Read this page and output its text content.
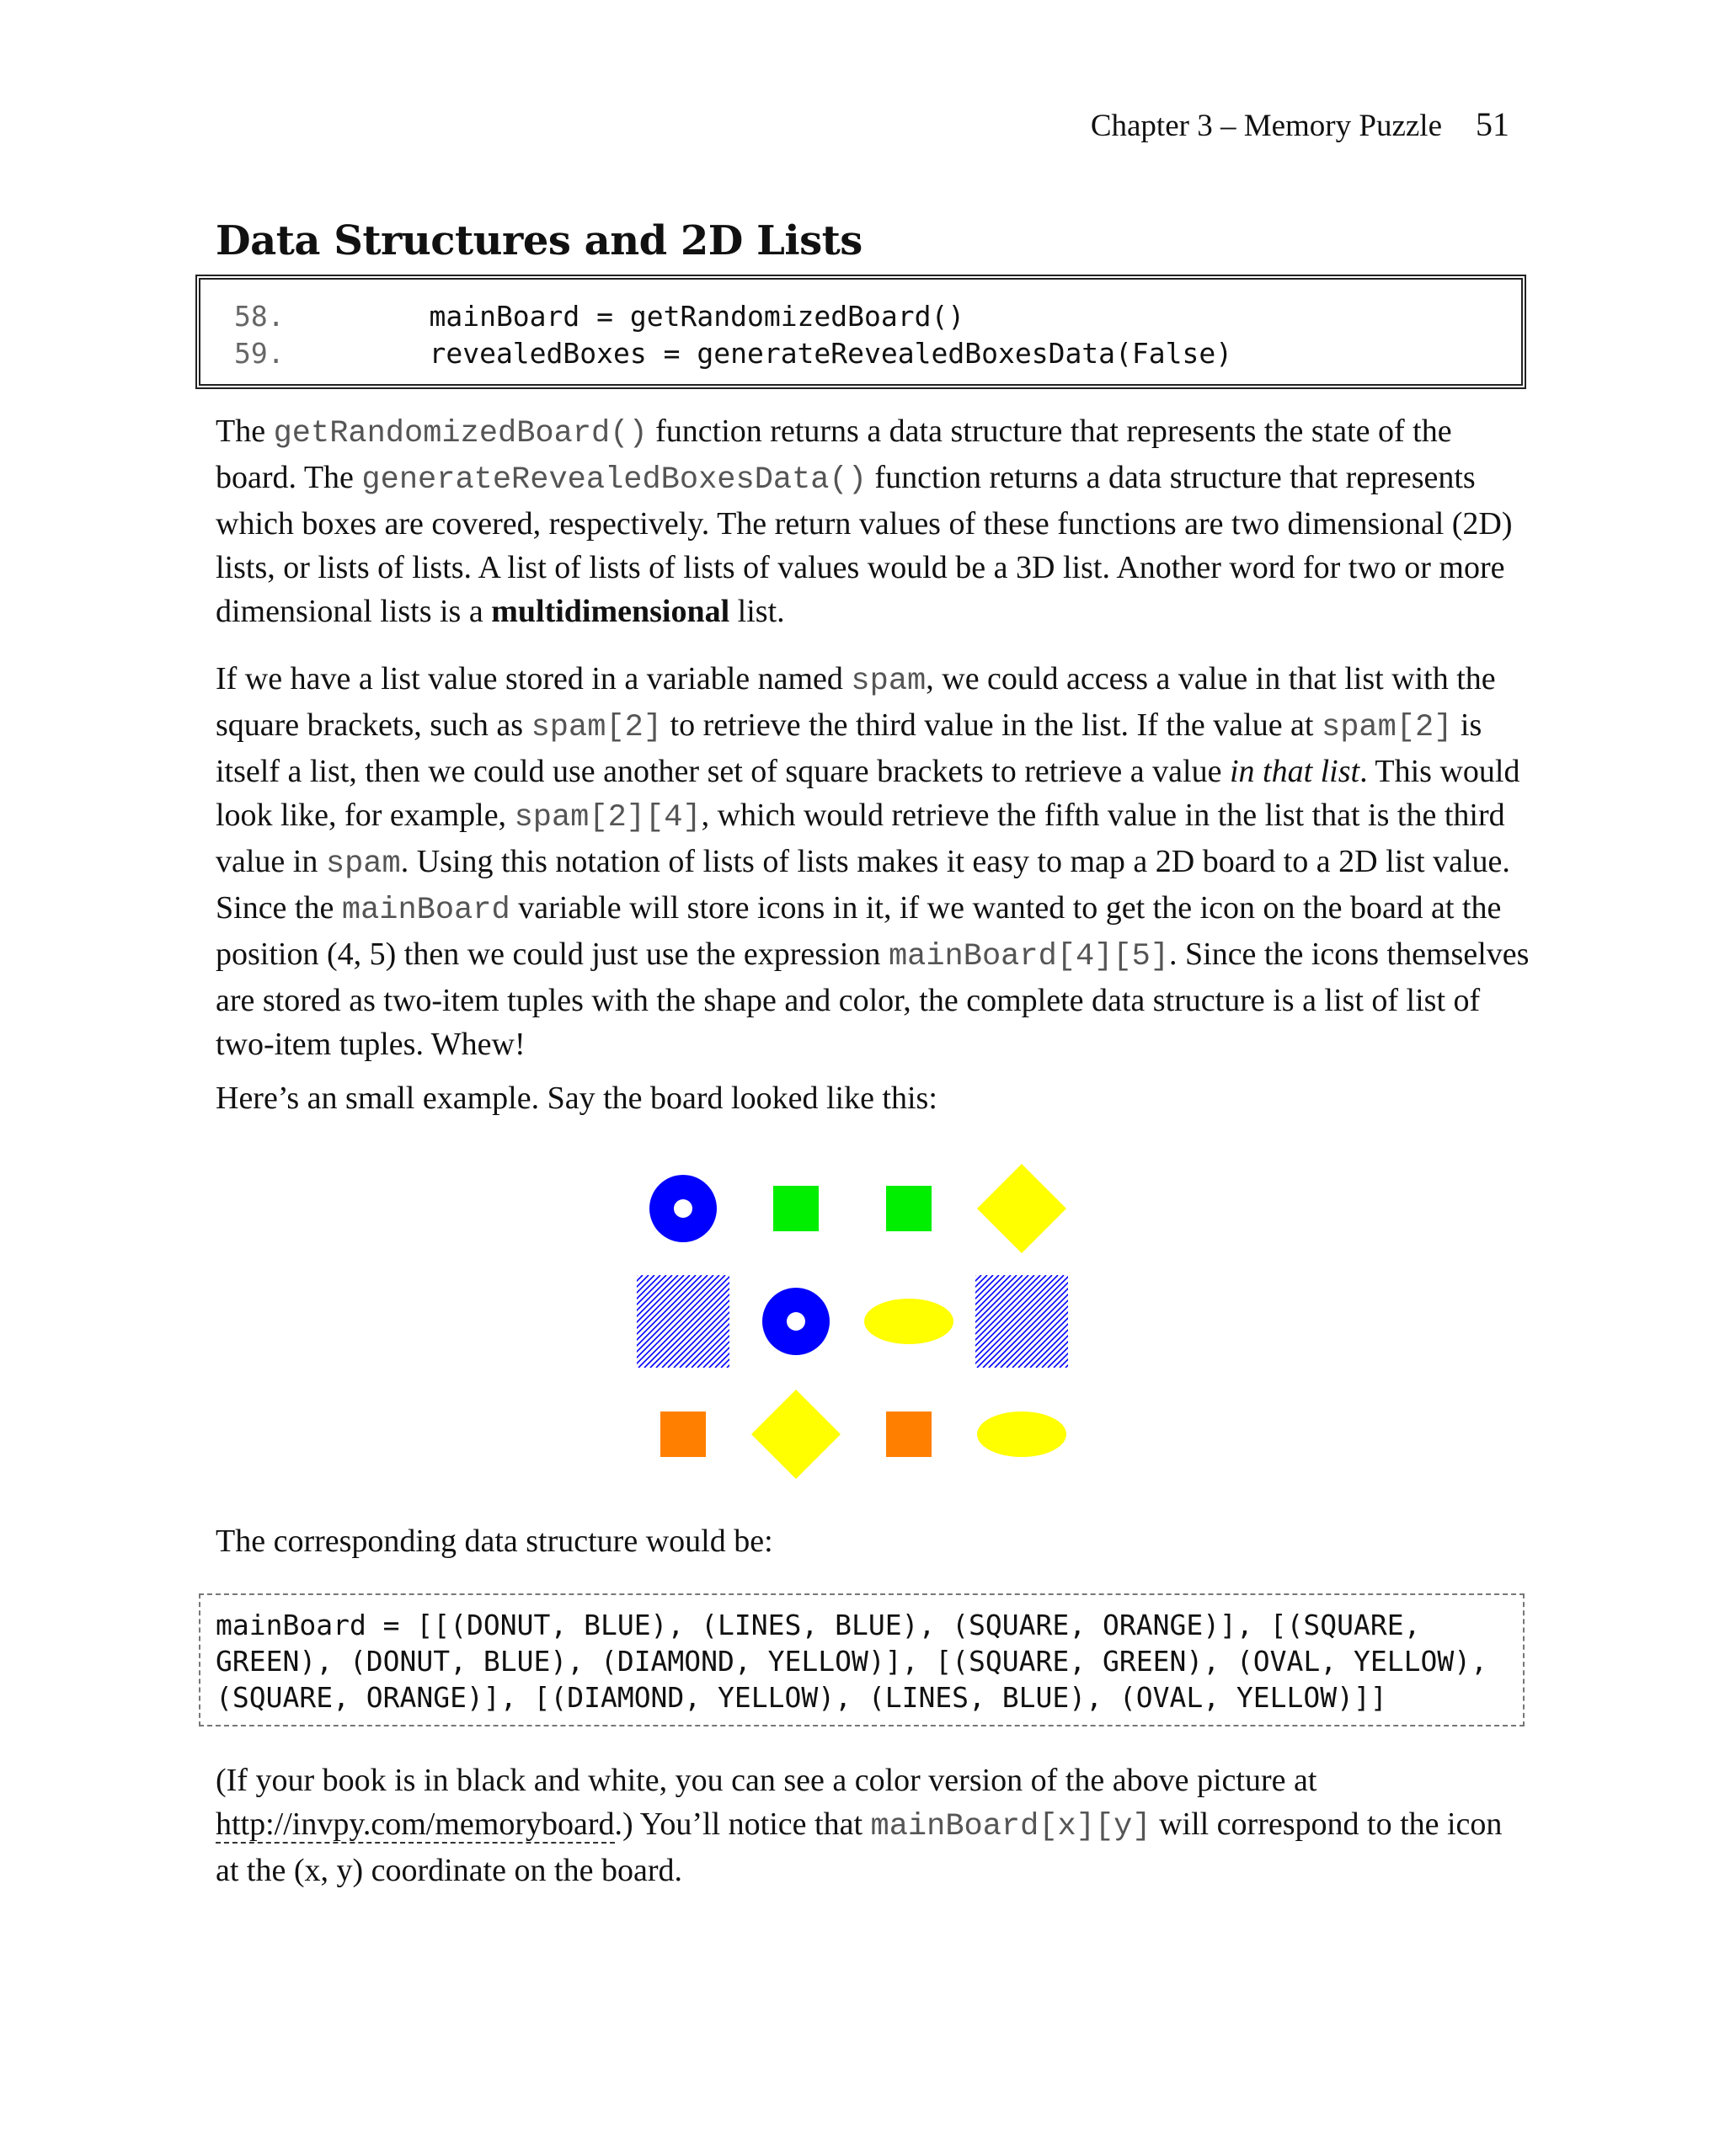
Chapter 3 – Memory Puzzle 51
Data Structures and 2D Lists
58.	mainBoard = getRandomizedBoard()
59.	revealedBoxes = generateRevealedBoxesData(False)

The getRandomizedBoard() function returns a data structure that represents the state of the board. The generateRevealedBoxesData() function returns a data structure that represents which boxes are covered, respectively. The return values of these functions are two dimensional (2D) lists, or lists of lists. A list of lists of lists of values would be a 3D list. Another word for two or more dimensional lists is a multidimensional list.

If we have a list value stored in a variable named spam, we could access a value in that list with the square brackets, such as spam[2] to retrieve the third value in the list. If the value at spam[2] is itself a list, then we could use another set of square brackets to retrieve a value in that list. This would look like, for example, spam[2][4], which would retrieve the fifth value in the list that is the third value in spam. Using this notation of lists of lists makes it easy to map a 2D board to a 2D list value. Since the mainBoard variable will store icons in it, if we wanted to get the icon on the board at the position (4, 5) then we could just use the expression mainBoard[4][5]. Since the icons themselves are stored as two-item tuples with the shape and color, the complete data structure is a list of list of two-item tuples. Whew!

Here’s an small example. Say the board looked like this:

The corresponding data structure would be:

mainBoard = [[(DONUT, BLUE), (LINES, BLUE), (SQUARE, ORANGE)], [(SQUARE,
GREEN), (DONUT, BLUE), (DIAMOND, YELLOW)], [(SQUARE, GREEN), (OVAL, YELLOW),
(SQUARE, ORANGE)], [(DIAMOND, YELLOW), (LINES, BLUE), (OVAL, YELLOW)]]

(If your book is in black and white, you can see a color version of the above picture at http://invpy.com/memoryboard.) You’ll notice that mainBoard[x][y] will correspond to the icon at the (x, y) coordinate on the board.
